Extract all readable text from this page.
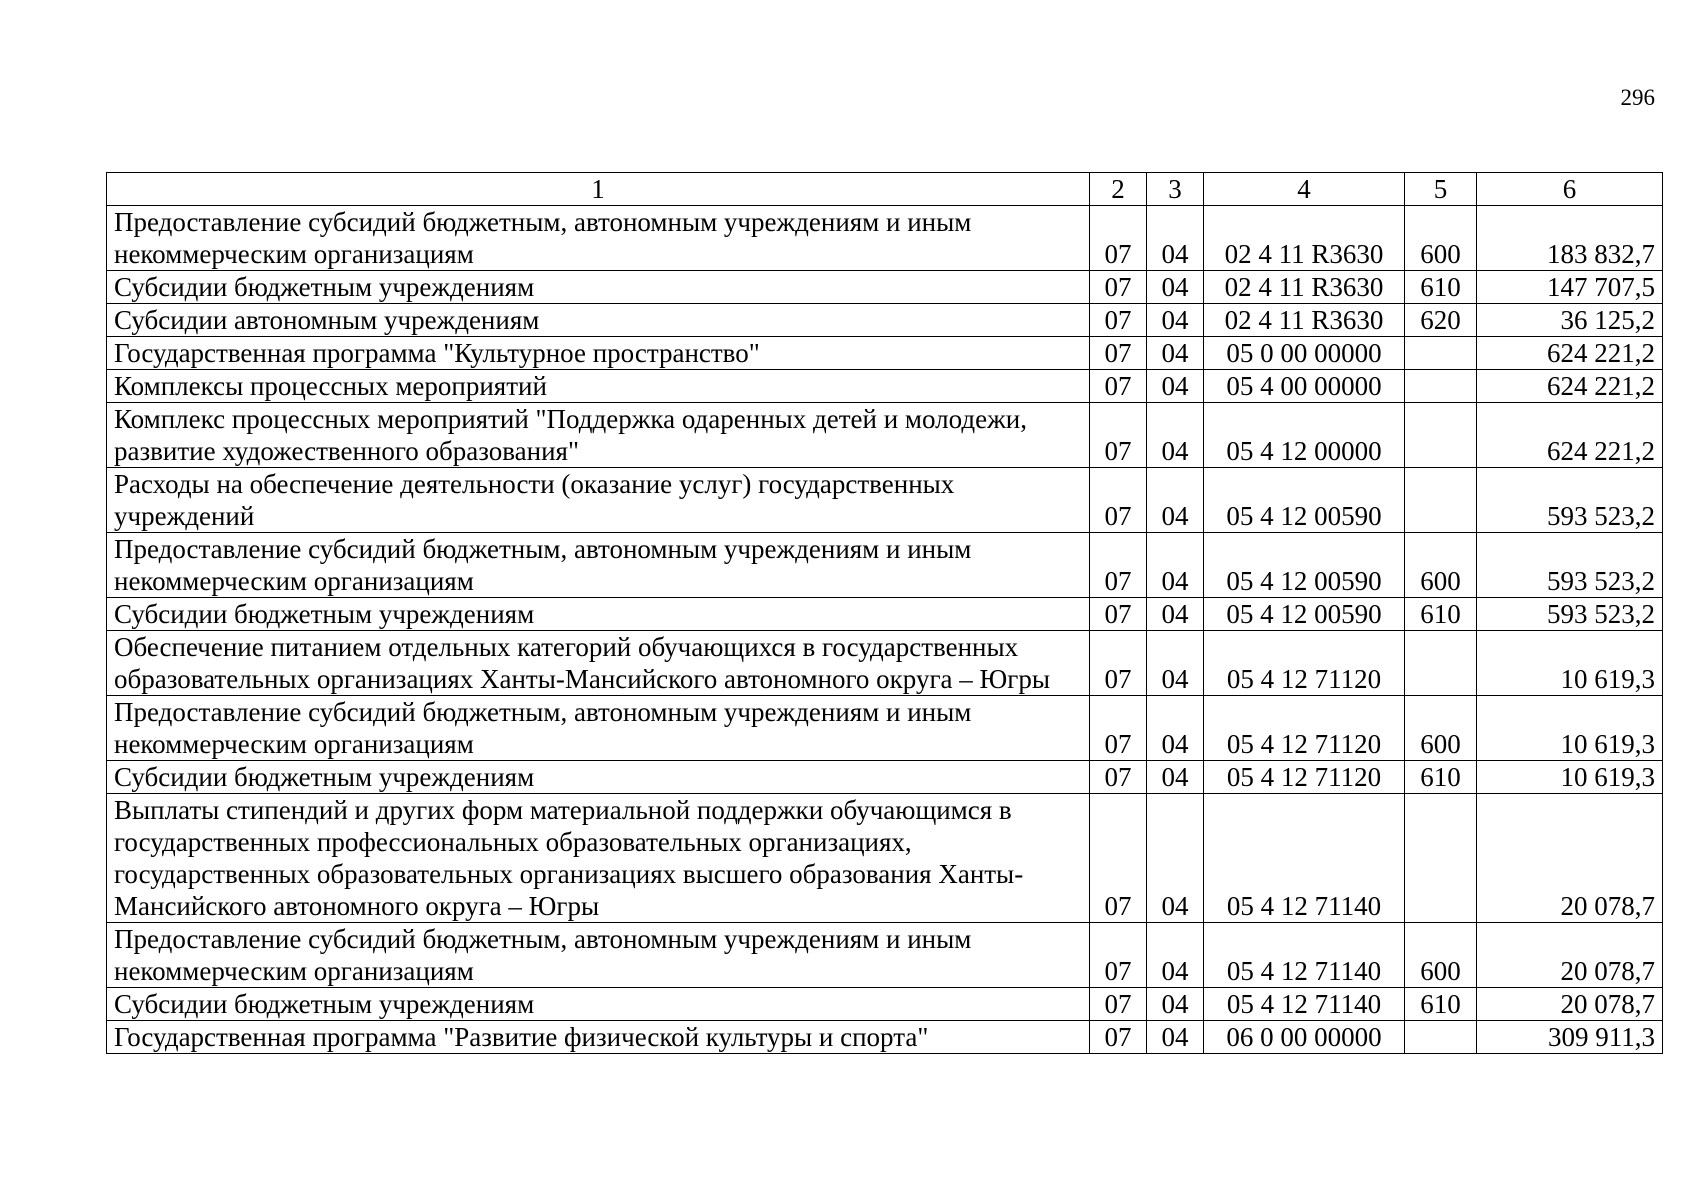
296
1	2	3	4	5	6
Предоставление субсидий бюджетным, автономным учреждениям и иным некоммерческим организациям	07	04	02 4 11 R3630	600	183 832,7
Субсидии бюджетным учреждениям	07	04	02 4 11 R3630	610	147 707,5
Субсидии автономным учреждениям	07	04	02 4 11 R3630	620	36 125,2
Государственная программа "Культурное пространство"	07	04	05 0 00 00000		624 221,2
Комплексы процессных мероприятий	07	04	05 4 00 00000		624 221,2
Комплекс процессных мероприятий "Поддержка одаренных детей и молодежи, развитие художественного образования"	07	04	05 4 12 00000		624 221,2
Расходы на обеспечение деятельности (оказание услуг) государственных учреждений	07	04	05 4 12 00590		593 523,2
Предоставление субсидий бюджетным, автономным учреждениям и иным некоммерческим организациям	07	04	05 4 12 00590	600	593 523,2
Субсидии бюджетным учреждениям	07	04	05 4 12 00590	610	593 523,2
Обеспечение питанием отдельных категорий обучающихся в государственных образовательных организациях Ханты-Мансийского автономного округа – Югры	07	04	05 4 12 71120		10 619,3
Предоставление субсидий бюджетным, автономным учреждениям и иным некоммерческим организациям	07	04	05 4 12 71120	600	10 619,3
Субсидии бюджетным учреждениям	07	04	05 4 12 71120	610	10 619,3
Выплаты стипендий и других форм материальной поддержки обучающимся в государственных профессиональных образовательных организациях, государственных образовательных организациях высшего образования Ханты-Мансийского автономного округа – Югры	07	04	05 4 12 71140		20 078,7
Предоставление субсидий бюджетным, автономным учреждениям и иным некоммерческим организациям	07	04	05 4 12 71140	600	20 078,7
Субсидии бюджетным учреждениям	07	04	05 4 12 71140	610	20 078,7
Государственная программа "Развитие физической культуры и спорта"	07	04	06 0 00 00000		309 911,3
